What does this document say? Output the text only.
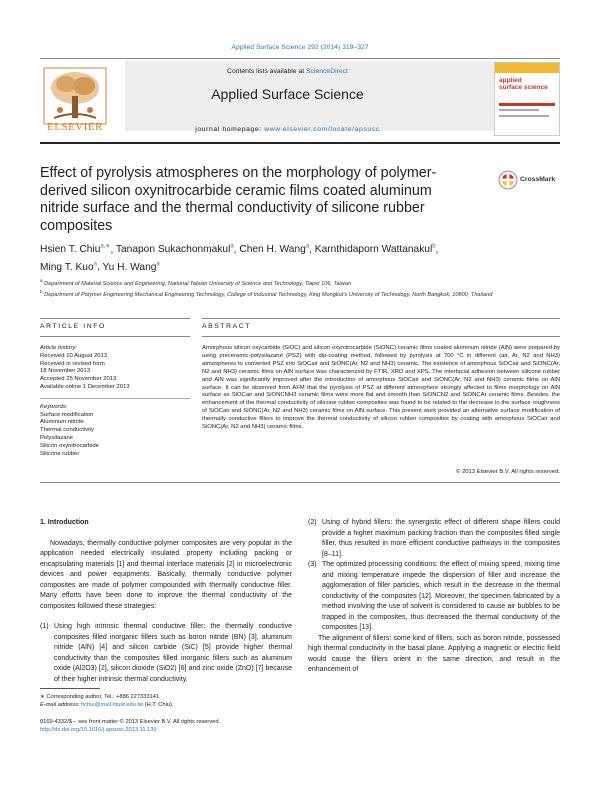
Applied Surface Science 292 (2014) 319–327
ELSEVIER
Contents lists available at ScienceDirect
Applied Surface Science
journal homepage: www.elsevier.com/locate/apsusc
applied
surface science
Effect of pyrolysis atmospheres on the morphology of polymer-derived silicon oxynitrocarbide ceramic films coated aluminum nitride surface and the thermal conductivity of silicone rubber composites
CrossMark
Hsien T. Chiu$^{a,∗}$, Tanapon Sukachonmakul$^a$, Chen H. Wang$^a$, Karnthidaporn Wattanakul$^b$,
Ming T. Kuo$^a$, Yu H. Wang$^a$
$^a$ Department of Material Science and Engineering, National Taiwan University of Science and Technology, Taipei 106, Taiwan
$^b$ Department of Polymer Engineering Mechanical Engineering Technology, College of Industrial Technology, King Mongkut's University of Technology, North Bangkok, 10800, Thailand
ARTICLE INFO	ABSTRACT
Article history:
Received 10 August 2013
Received in revised form
18 November 2013
Accepted 25 November 2013
Available online 1 December 2013
Keywords:
Surface modification
Aluminum nitride
Thermal conductivity
Polysilazane
Silicon oxynitrocarbide
Silicone rubber
Amorphous silicon oxycarbide (SiOC) and silicon oxynitrocarbide (SiONC) ceramic films coated aluminum nitride (AlN) were prepared by using preceramic-polysilazane (PSZ) with dip-coating method, followed by pyrolysis at 700 °C in different (air, Ar, N2 and NH3) atmospheres to converted PSZ into SiOCair and SiONC(Ar, N2 and NH3) ceramic. The existence of amorphous SiOCair and SiONC(Ar, N2 and NH3) ceramic films on AlN surface was characterized by FTIR, XRD and XPS. The interfacial adhesion between silicone rubber and AlN was significantly improved after the introduction of amorphous SiOCair and SiONC(Ar, N2 and NH3) ceramic films on AlN surface. It can be observed from AFM that the pyrolysis of PSZ at different atmosphere strongly affected to films morphology on AlN surface as SiOCair and SiONCNH3 ceramic films were more flat and smooth than SiONCN2 and SiONCAr ceramic films. Besides, the enhancement of the thermal conductivity of silicone rubber composites was found to be related to the decrease in the surface roughness of SiOCair and SiONC(Ar, N2 and NH3) ceramic films on AlN surface. This present work provided an alternative surface modification of thermally conductive fillers to improve the thermal conductivity of silicon rubber composites by coating with amorphous SiOCair and SiONC(Ar, N2 and NH3) ceramic films.
© 2013 Elsevier B.V. All rights reserved.
1. Introduction

Nowadays, thermally conductive polymer composites are very popular in the application needed electrically insulated property including packing or encapsulating materials [1] and thermal interface materials [2] in microelectronic devices and power equipments. Basically, thermally conductive polymer composites are made of polymer compounded with thermally conductive filler. Many efforts have been done to improve the thermal conductivity of the composites followed these strategies:

(1) Using high intrinsic thermal conductive filler: the thermally conductive composites filled inorganic fillers such as boron nitride (BN) [3], aluminum nitride (AlN) [4] and silicon carbide (SiC) [5] provide higher thermal conductivity than the composites filled inorganic fillers such as aluminum oxide (Al2O3) [2], silicon dioxide (SiO2) [6] and zinc oxide (ZnO) [7] because of their higher intrinsic thermal conductivity.
(2) Using of hybrid fillers: the synergistic effect of different shape fillers could provide a higher maximum packing fraction than the composites filled single filler, thus resulted in more efficient conductive pathways in the composites [8–11].
(3) The optimized processing conditions: the effect of mixing speed, mixing time and mixing temperature impede the dispersion of filler and increase the agglomeration of filler particles, which result in the decrease in the thermal conductivity of the composites [12]. Moreover, the specimen fabricated by a method involving the use of solvent is considered to cause air bubbles to be trapped in the composites, thus decreased the thermal conductivity of the composites [13].

The alignment of fillers: some kind of fillers, such as boron nitride, possessed high thermal conductivity in the basal plane. Applying a magnetic or electric field would cause the fillers orient in the same direction, and result in the enhancement of

∗ Corresponding author. Tel.: +886 227333141.
E-mail address: hchiu@mail.ntust.edu.tw (H.T. Chiu).
0169-4332/$ – see front matter © 2013 Elsevier B.V. All rights reserved.
http://dx.doi.org/10.1016/j.apsusc.2013.11.139
